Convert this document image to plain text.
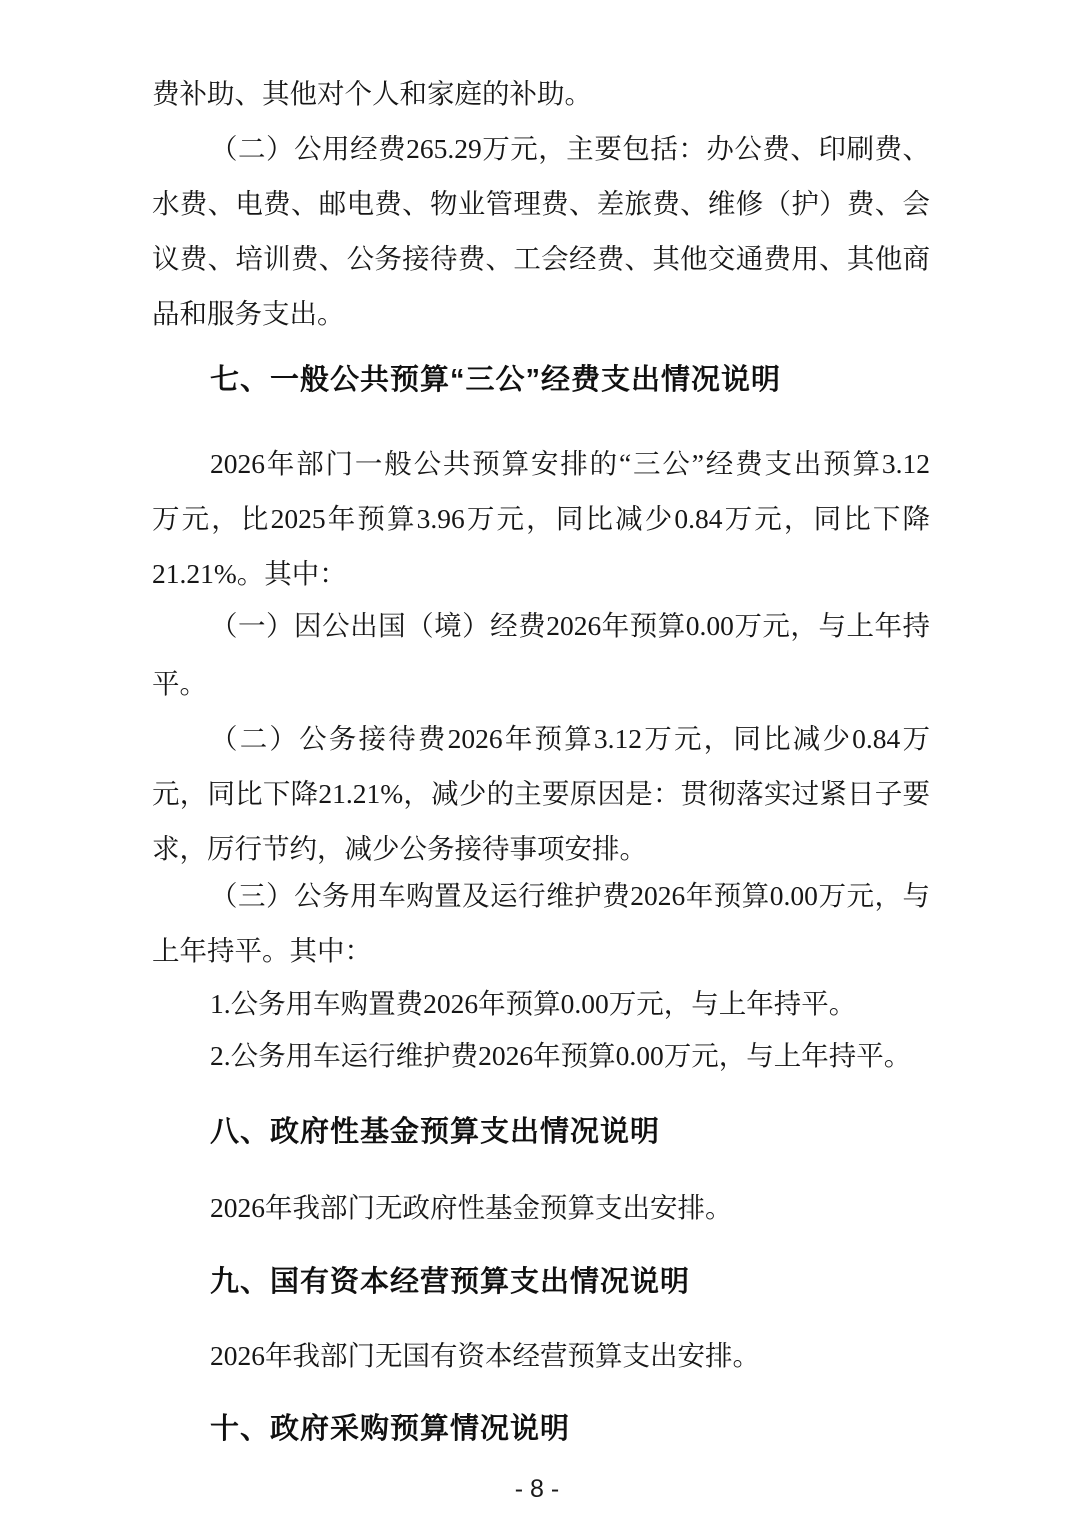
费补助、其他对个人和家庭的补助。
（二）公用经费265.29万元，主要包括：办公费、印刷费、
水费、电费、邮电费、物业管理费、差旅费、维修（护）费、会
议费、培训费、公务接待费、工会经费、其他交通费用、其他商
品和服务支出。
七、一般公共预算“三公”经费支出情况说明
2026年部门一般公共预算安排的“三公”经费支出预算3.12
万元，比2025年预算3.96万元，同比减少0.84万元，同比下降
21.21%。其中：
（一）因公出国（境）经费2026年预算0.00万元，与上年持
平。
（二）公务接待费2026年预算3.12万元，同比减少0.84万
元，同比下降21.21%，减少的主要原因是：贯彻落实过紧日子要
求，厉行节约，减少公务接待事项安排。
（三）公务用车购置及运行维护费2026年预算0.00万元，与
上年持平。其中：
1.公务用车购置费2026年预算0.00万元，与上年持平。
2.公务用车运行维护费2026年预算0.00万元，与上年持平。
八、政府性基金预算支出情况说明
2026年我部门无政府性基金预算支出安排。
九、国有资本经营预算支出情况说明
2026年我部门无国有资本经营预算支出安排。
十、政府采购预算情况说明
- 8 -
